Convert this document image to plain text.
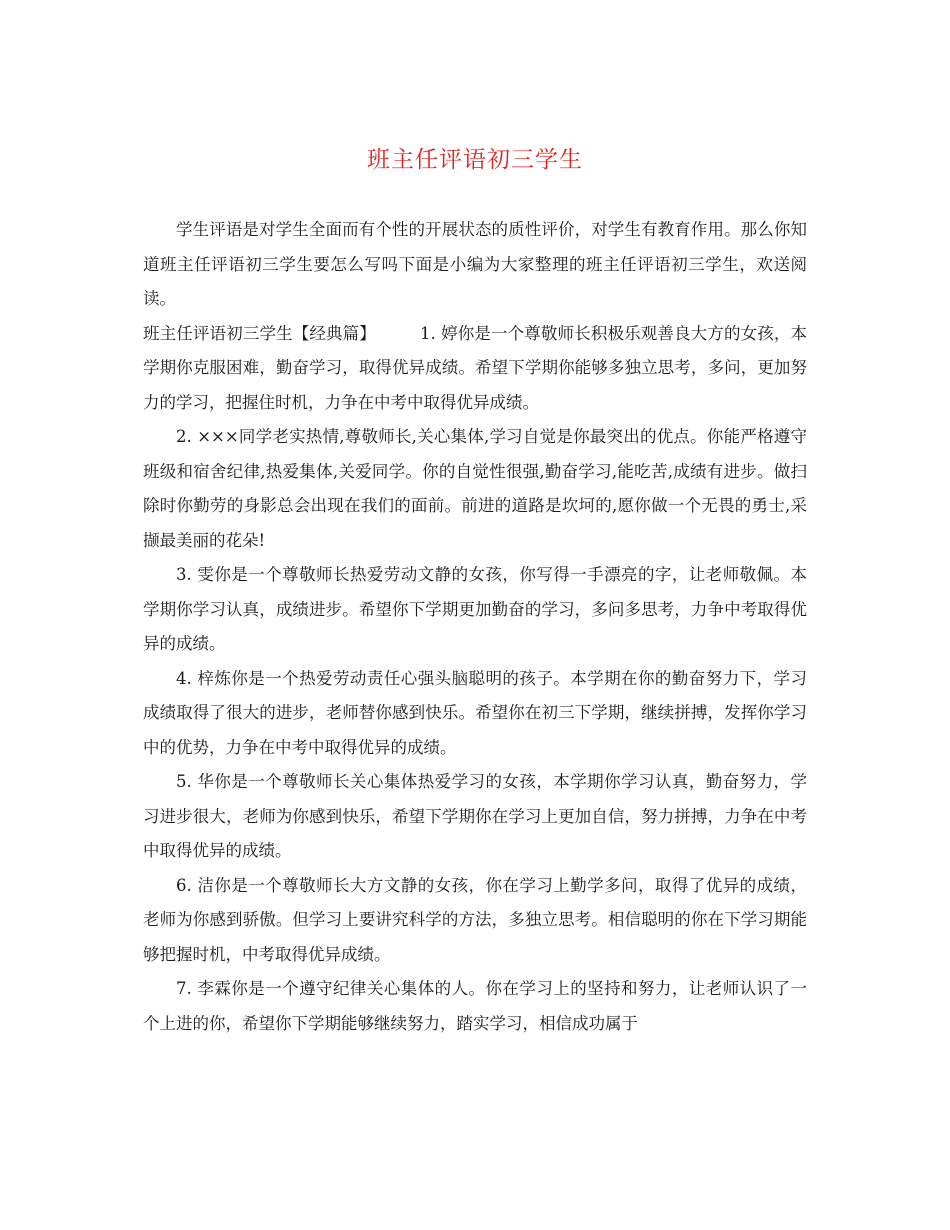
班主任评语初三学生

学生评语是对学生全面而有个性的开展状态的质性评价，对学生有教育作用。那么你知道班主任评语初三学生要怎么写吗下面是小编为大家整理的班主任评语初三学生，欢送阅读。

班主任评语初三学生【经典篇】	1. 婷你是一个尊敬师长积极乐观善良大方的女孩，本学期你克服困难，勤奋学习，取得优异成绩。希望下学期你能够多独立思考，多问，更加努力的学习，把握住时机，力争在中考中取得优异成绩。

2. ×××同学老实热情,尊敬师长,关心集体,学习自觉是你最突出的优点。你能严格遵守班级和宿舍纪律,热爱集体,关爱同学。你的自觉性很强,勤奋学习,能吃苦,成绩有进步。做扫除时你勤劳的身影总会出现在我们的面前。前进的道路是坎坷的,愿你做一个无畏的勇士,采撷最美丽的花朵!

3. 雯你是一个尊敬师长热爱劳动文静的女孩，你写得一手漂亮的字，让老师敬佩。本学期你学习认真，成绩进步。希望你下学期更加勤奋的学习，多问多思考，力争中考取得优异的成绩。

4. 梓炼你是一个热爱劳动责任心强头脑聪明的孩子。本学期在你的勤奋努力下，学习成绩取得了很大的进步，老师替你感到快乐。希望你在初三下学期，继续拼搏，发挥你学习中的优势，力争在中考中取得优异的成绩。

5. 华你是一个尊敬师长关心集体热爱学习的女孩，本学期你学习认真，勤奋努力，学习进步很大，老师为你感到快乐，希望下学期你在学习上更加自信，努力拼搏，力争在中考中取得优异的成绩。

6. 洁你是一个尊敬师长大方文静的女孩，你在学习上勤学多问，取得了优异的成绩，老师为你感到骄傲。但学习上要讲究科学的方法，多独立思考。相信聪明的你在下学习期能够把握时机，中考取得优异成绩。

7. 李霖你是一个遵守纪律关心集体的人。你在学习上的坚持和努力，让老师认识了一个上进的你，希望你下学期能够继续努力，踏实学习，相信成功属于
